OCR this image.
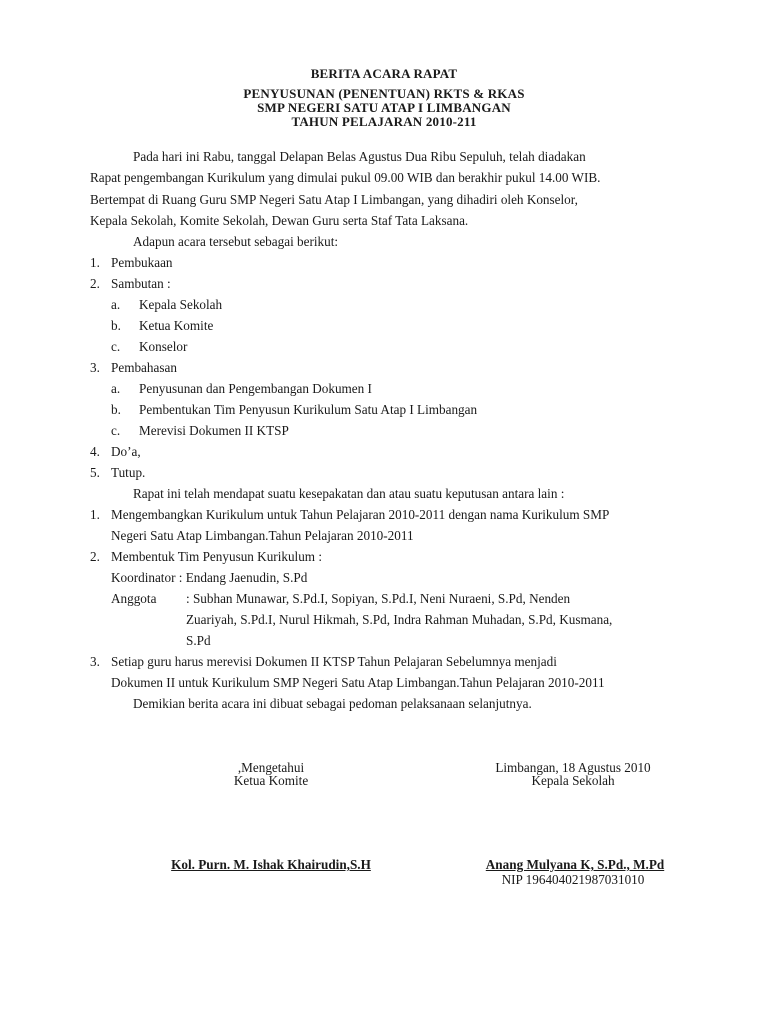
BERITA ACARA RAPAT
PENYUSUNAN (PENENTUAN) RKTS & RKAS
SMP NEGERI SATU ATAP I LIMBANGAN
TAHUN PELAJARAN 2010-211
Pada hari ini Rabu, tanggal Delapan Belas Agustus Dua Ribu Sepuluh, telah diadakan
Rapat pengembangan Kurikulum yang dimulai pukul 09.00 WIB dan berakhir pukul 14.00 WIB.
Bertempat di Ruang Guru SMP Negeri Satu Atap I Limbangan, yang dihadiri oleh Konselor,
Kepala Sekolah, Komite Sekolah, Dewan Guru serta Staf Tata Laksana.
Adapun acara tersebut sebagai berikut:
1. Pembukaan
2. Sambutan :
a. Kepala Sekolah
b. Ketua Komite
c. Konselor
3. Pembahasan
a. Penyusunan dan Pengembangan Dokumen I
b. Pembentukan Tim Penyusun Kurikulum Satu Atap I Limbangan
c. Merevisi Dokumen II KTSP
4. Do’a,
5. Tutup.
Rapat ini telah mendapat suatu kesepakatan dan atau suatu keputusan antara lain :
1. Mengembangkan Kurikulum untuk Tahun Pelajaran 2010-2011 dengan nama Kurikulum SMP
Negeri Satu Atap Limbangan.Tahun Pelajaran 2010-2011
2. Membentuk Tim Penyusun Kurikulum :
Koordinator : Endang Jaenudin, S.Pd
Anggota : Subhan Munawar, S.Pd.I, Sopiyan, S.Pd.I, Neni Nuraeni, S.Pd, Nenden
Zuariyah, S.Pd.I, Nurul Hikmah, S.Pd, Indra Rahman Muhadan, S.Pd, Kusmana,
S.Pd
3. Setiap guru harus merevisi Dokumen II KTSP Tahun Pelajaran Sebelumnya menjadi
Dokumen II untuk Kurikulum SMP Negeri Satu Atap Limbangan.Tahun Pelajaran 2010-2011
Demikian berita acara ini dibuat sebagai pedoman pelaksanaan selanjutnya.
,Mengetahui
Ketua Komite
Kol. Purn. M. Ishak Khairudin,S.H
Limbangan, 18 Agustus 2010
Kepala Sekolah
Anang Mulyana K, S.Pd., M.Pd
NIP 196404021987031010
